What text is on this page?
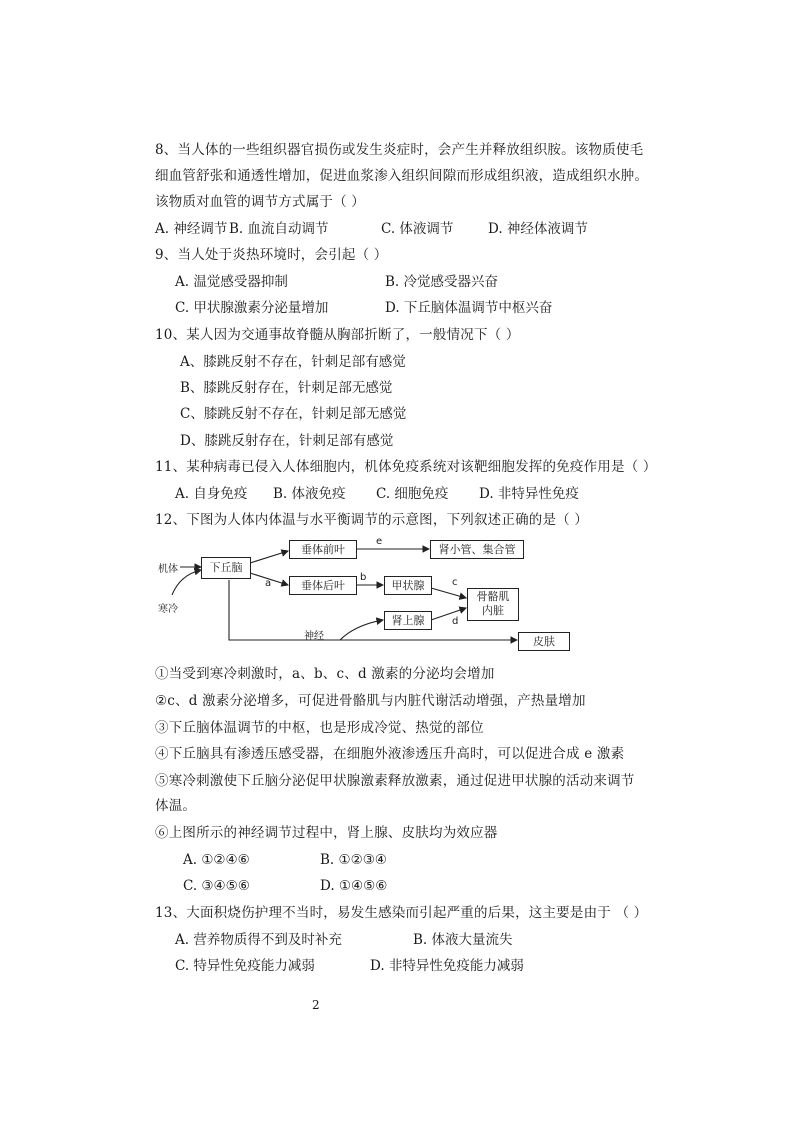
8、当人体的一些组织器官损伤或发生炎症时，会产生并释放组织胺。该物质使毛
细血管舒张和通透性增加，促进血浆渗入组织间隙而形成组织液，造成组织水肿。
该物质对血管的调节方式属于（ ）
A. 神经调节 B. 血流自动调节	C. 体液调节	D. 神经体液调节
9、当人处于炎热环境时，会引起（ ）
A. 温觉感受器抑制	B. 冷觉感受器兴奋
C. 甲状腺激素分泌量增加	D. 下丘脑体温调节中枢兴奋
10、某人因为交通事故脊髓从胸部折断了，一般情况下（ ）
A、膝跳反射不存在，针刺足部有感觉
B、膝跳反射存在，针刺足部无感觉
C、膝跳反射不存在，针刺足部无感觉
D、膝跳反射存在，针刺足部有感觉
11、某种病毒已侵入人体细胞内，机体免疫系统对该靶细胞发挥的免疫作用是（ ）
A. 自身免疫 B. 体液免疫 C. 细胞免疫 D. 非特异性免疫
12、下图为人体内体温与水平衡调节的示意图，下列叙述正确的是（ ）
机体
寒冷
下丘脑
垂体前叶
垂体后叶
肾小管、集合管
甲状腺
肾上腺
骨骼肌
内脏
皮肤
神经
a
b	c
d
e
①当受到寒冷刺激时，a、b、c、d 激素的分泌均会增加
②c、d 激素分泌增多，可促进骨骼肌与内脏代谢活动增强，产热量增加
③下丘脑体温调节的中枢，也是形成冷觉、热觉的部位
④下丘脑具有渗透压感受器，在细胞外液渗透压升高时，可以促进合成 e 激素
⑤寒冷刺激使下丘脑分泌促甲状腺激素释放激素，通过促进甲状腺的活动来调节
体温。
⑥上图所示的神经调节过程中，肾上腺、皮肤均为效应器
A. ①②④⑥	B. ①②③④
C. ③④⑤⑥	D. ①④⑤⑥
13、大面积烧伤护理不当时，易发生感染而引起严重的后果，这主要是由于 （ ）
A. 营养物质得不到及时补充	B. 体液大量流失
C. 特异性免疫能力减弱	D. 非特异性免疫能力减弱
2
